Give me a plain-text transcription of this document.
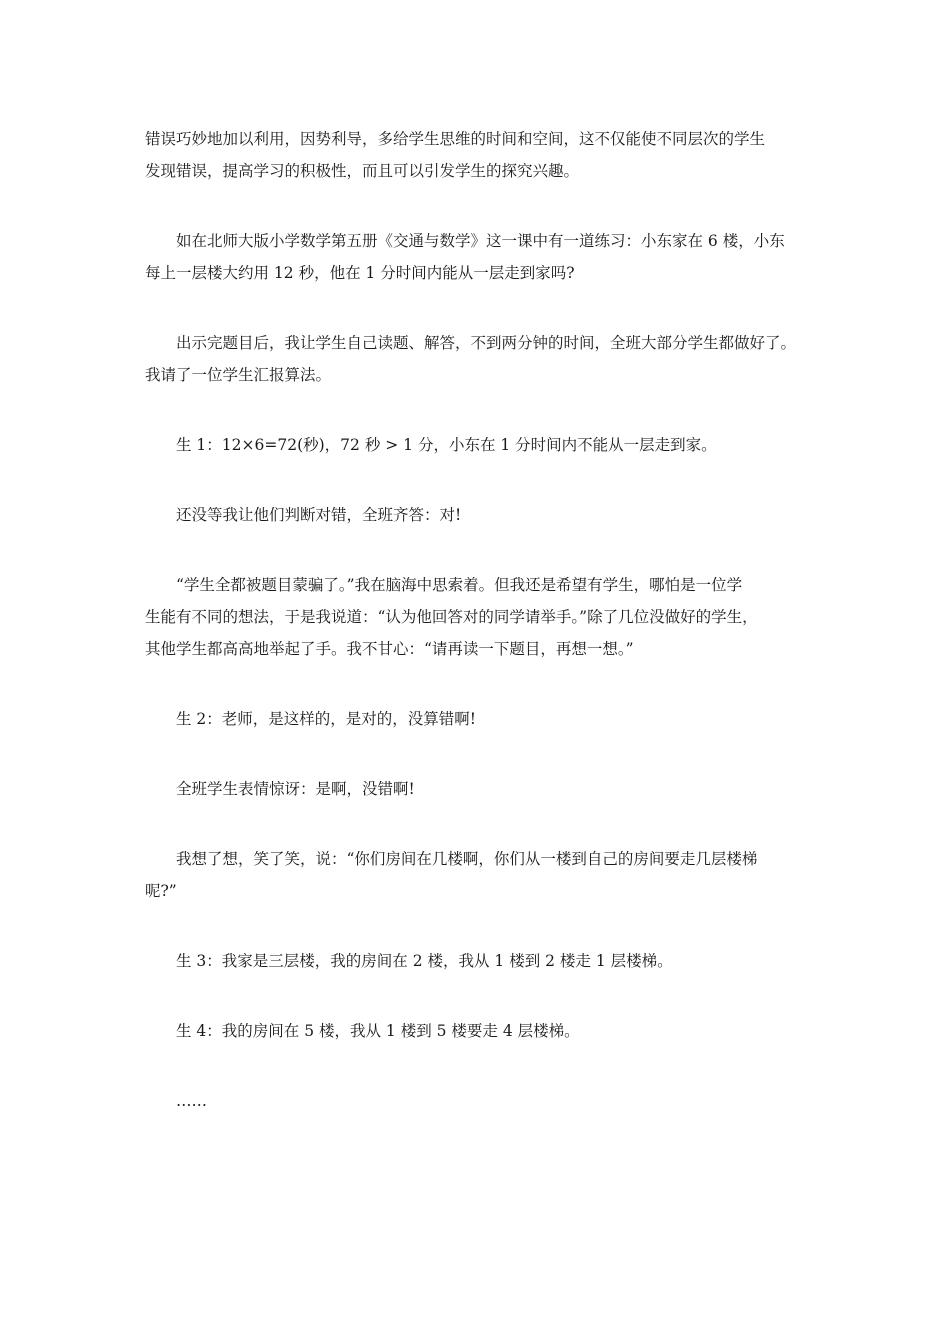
错误巧妙地加以利用，因势利导，多给学生思维的时间和空间，这不仅能使不同层次的学生
发现错误，提高学习的积极性，而且可以引发学生的探究兴趣。

如在北师大版小学数学第五册《交通与数学》这一课中有一道练习：小东家在 6 楼，小东
每上一层楼大约用 12 秒，他在 1 分时间内能从一层走到家吗?

出示完题目后，我让学生自己读题、解答，不到两分钟的时间，全班大部分学生都做好了。
我请了一位学生汇报算法。

生 1：12×6=72(秒)，72 秒 > 1 分，小东在 1 分时间内不能从一层走到家。

还没等我让他们判断对错，全班齐答：对!

“学生全都被题目蒙骗了。”我在脑海中思索着。但我还是希望有学生，哪怕是一位学
生能有不同的想法，于是我说道：“认为他回答对的同学请举手。”除了几位没做好的学生，
其他学生都高高地举起了手。我不甘心：“请再读一下题目，再想一想。”

生 2：老师，是这样的，是对的，没算错啊!

全班学生表情惊讶：是啊，没错啊!

我想了想，笑了笑，说：“你们房间在几楼啊，你们从一楼到自己的房间要走几层楼梯
呢?”

生 3：我家是三层楼，我的房间在 2 楼，我从 1 楼到 2 楼走 1 层楼梯。

生 4：我的房间在 5 楼，我从 1 楼到 5 楼要走 4 层楼梯。

……
